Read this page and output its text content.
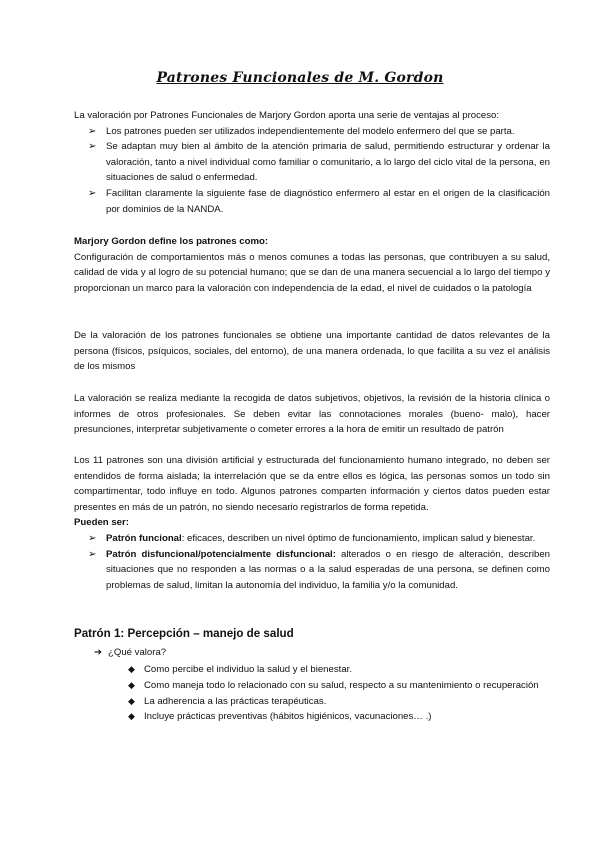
Patrones Funcionales de M. Gordon

La valoración por Patrones Funcionales de Marjory Gordon aporta una serie de ventajas al proceso:

➢ Los patrones pueden ser utilizados independientemente del modelo enfermero del que se parta.
➢ Se adaptan muy bien al ámbito de la atención primaria de salud, permitiendo estructurar y ordenar la valoración, tanto a nivel individual como familiar o comunitario, a lo largo del ciclo vital de la persona, en situaciones de salud o enfermedad.
➢ Facilitan claramente la siguiente fase de diagnóstico enfermero al estar en el origen de la clasificación por dominios de la NANDA.

Marjory Gordon define los patrones como:

Configuración de comportamientos más o menos comunes a todas las personas, que contribuyen a su salud, calidad de vida y al logro de su potencial humano; que se dan de una manera secuencial a lo largo del tiempo y proporcionan un marco para la valoración con independencia de la edad, el nivel de cuidados o la patología

De la valoración de los patrones funcionales se obtiene una importante cantidad de datos relevantes de la persona (físicos, psíquicos, sociales, del entorno), de una manera ordenada, lo que facilita a su vez el análisis de los mismos

La valoración se realiza mediante la recogida de datos subjetivos, objetivos, la revisión de la historia clínica o informes de otros profesionales. Se deben evitar las connotaciones morales (bueno- malo), hacer presunciones, interpretar subjetivamente o cometer errores a la hora de emitir un resultado de patrón

Los 11 patrones son una división artificial y estructurada del funcionamiento humano integrado, no deben ser entendidos de forma aislada; la interrelación que se da entre ellos es lógica, las personas somos un todo sin compartimentar, todo influye en todo. Algunos patrones comparten información y ciertos datos pueden estar presentes en más de un patrón, no siendo necesario registrarlos de forma repetida.

Pueden ser:

➢ Patrón funcional: eficaces, describen un nivel óptimo de funcionamiento, implican salud y bienestar.
➢ Patrón disfuncional/potencialmente disfuncional: alterados o en riesgo de alteración, describen situaciones que no responden a las normas o a la salud esperadas de una persona, se definen como problemas de salud, limitan la autonomía del individuo, la familia y/o la comunidad.
Patrón 1: Percepción – manejo de salud
➔ ¿Qué valora?
◆ Como percibe el individuo la salud y el bienestar.
◆ Como maneja todo lo relacionado con su salud, respecto a su mantenimiento o recuperación
◆ La adherencia a las prácticas terapéuticas.
◆ Incluye prácticas preventivas (hábitos higiénicos, vacunaciones… .)
